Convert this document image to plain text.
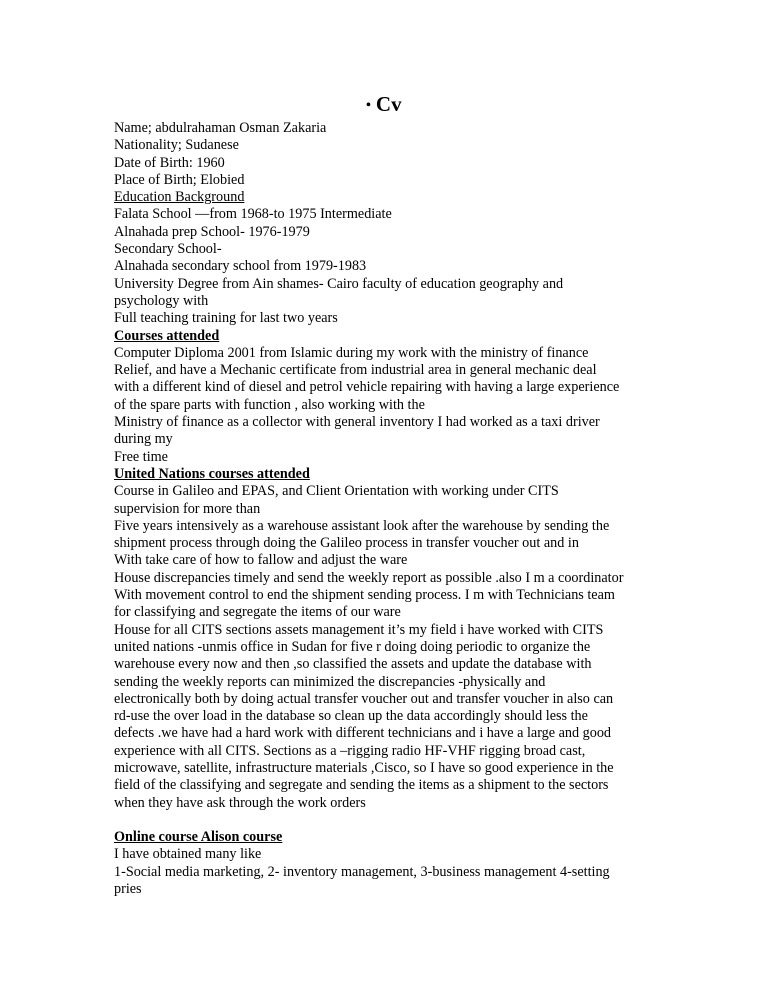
• Cv
Name; abdulrahaman Osman Zakaria
Nationality; Sudanese
Date of Birth: 1960
Place of Birth; Elobied
Education Background
Falata School —from 1968-to 1975 Intermediate
Alnahada prep School- 1976-1979
Secondary School-
Alnahada secondary school from 1979-1983
University Degree from Ain shames- Cairo faculty of education geography and
psychology with
Full teaching training for last two years
Courses attended
Computer Diploma 2001 from Islamic during my work with the ministry of finance
Relief, and have a Mechanic certificate from industrial area in general mechanic deal
with a different kind of diesel and petrol vehicle repairing with having a large experience
of the spare parts with function , also working with the
Ministry of finance as a collector with general inventory I had worked as a taxi driver
during my
Free time
United Nations courses attended
Course in Galileo and EPAS, and Client Orientation with working under CITS
supervision for more than
Five years intensively as a warehouse assistant look after the warehouse by sending the
shipment process through doing the Galileo process in transfer voucher out and in
With take care of how to fallow and adjust the ware
House discrepancies timely and send the weekly report as possible .also I m a coordinator
With movement control to end the shipment sending process. I m with Technicians team
for classifying and segregate the items of our ware
House for all CITS sections assets management it’s my field i have worked with CITS
united nations -unmis office in Sudan for five r doing doing periodic to organize the
warehouse every now and then ,so classified the assets and update the database with
sending the weekly reports can minimized the discrepancies -physically and
electronically both by doing actual transfer voucher out and transfer voucher in also can
rd-use the over load in the database so clean up the data accordingly should less the
defects .we have had a hard work with different technicians and i have a large and good
experience with all CITS. Sections as a –rigging radio HF-VHF rigging broad cast,
microwave, satellite, infrastructure materials ,Cisco, so I have so good experience in the
field of the classifying and segregate and sending the items as a shipment to the sectors
when they have ask through the work orders
Online course Alison course
I have obtained many like
1-Social media marketing, 2- inventory management, 3-business management 4-setting
pries
